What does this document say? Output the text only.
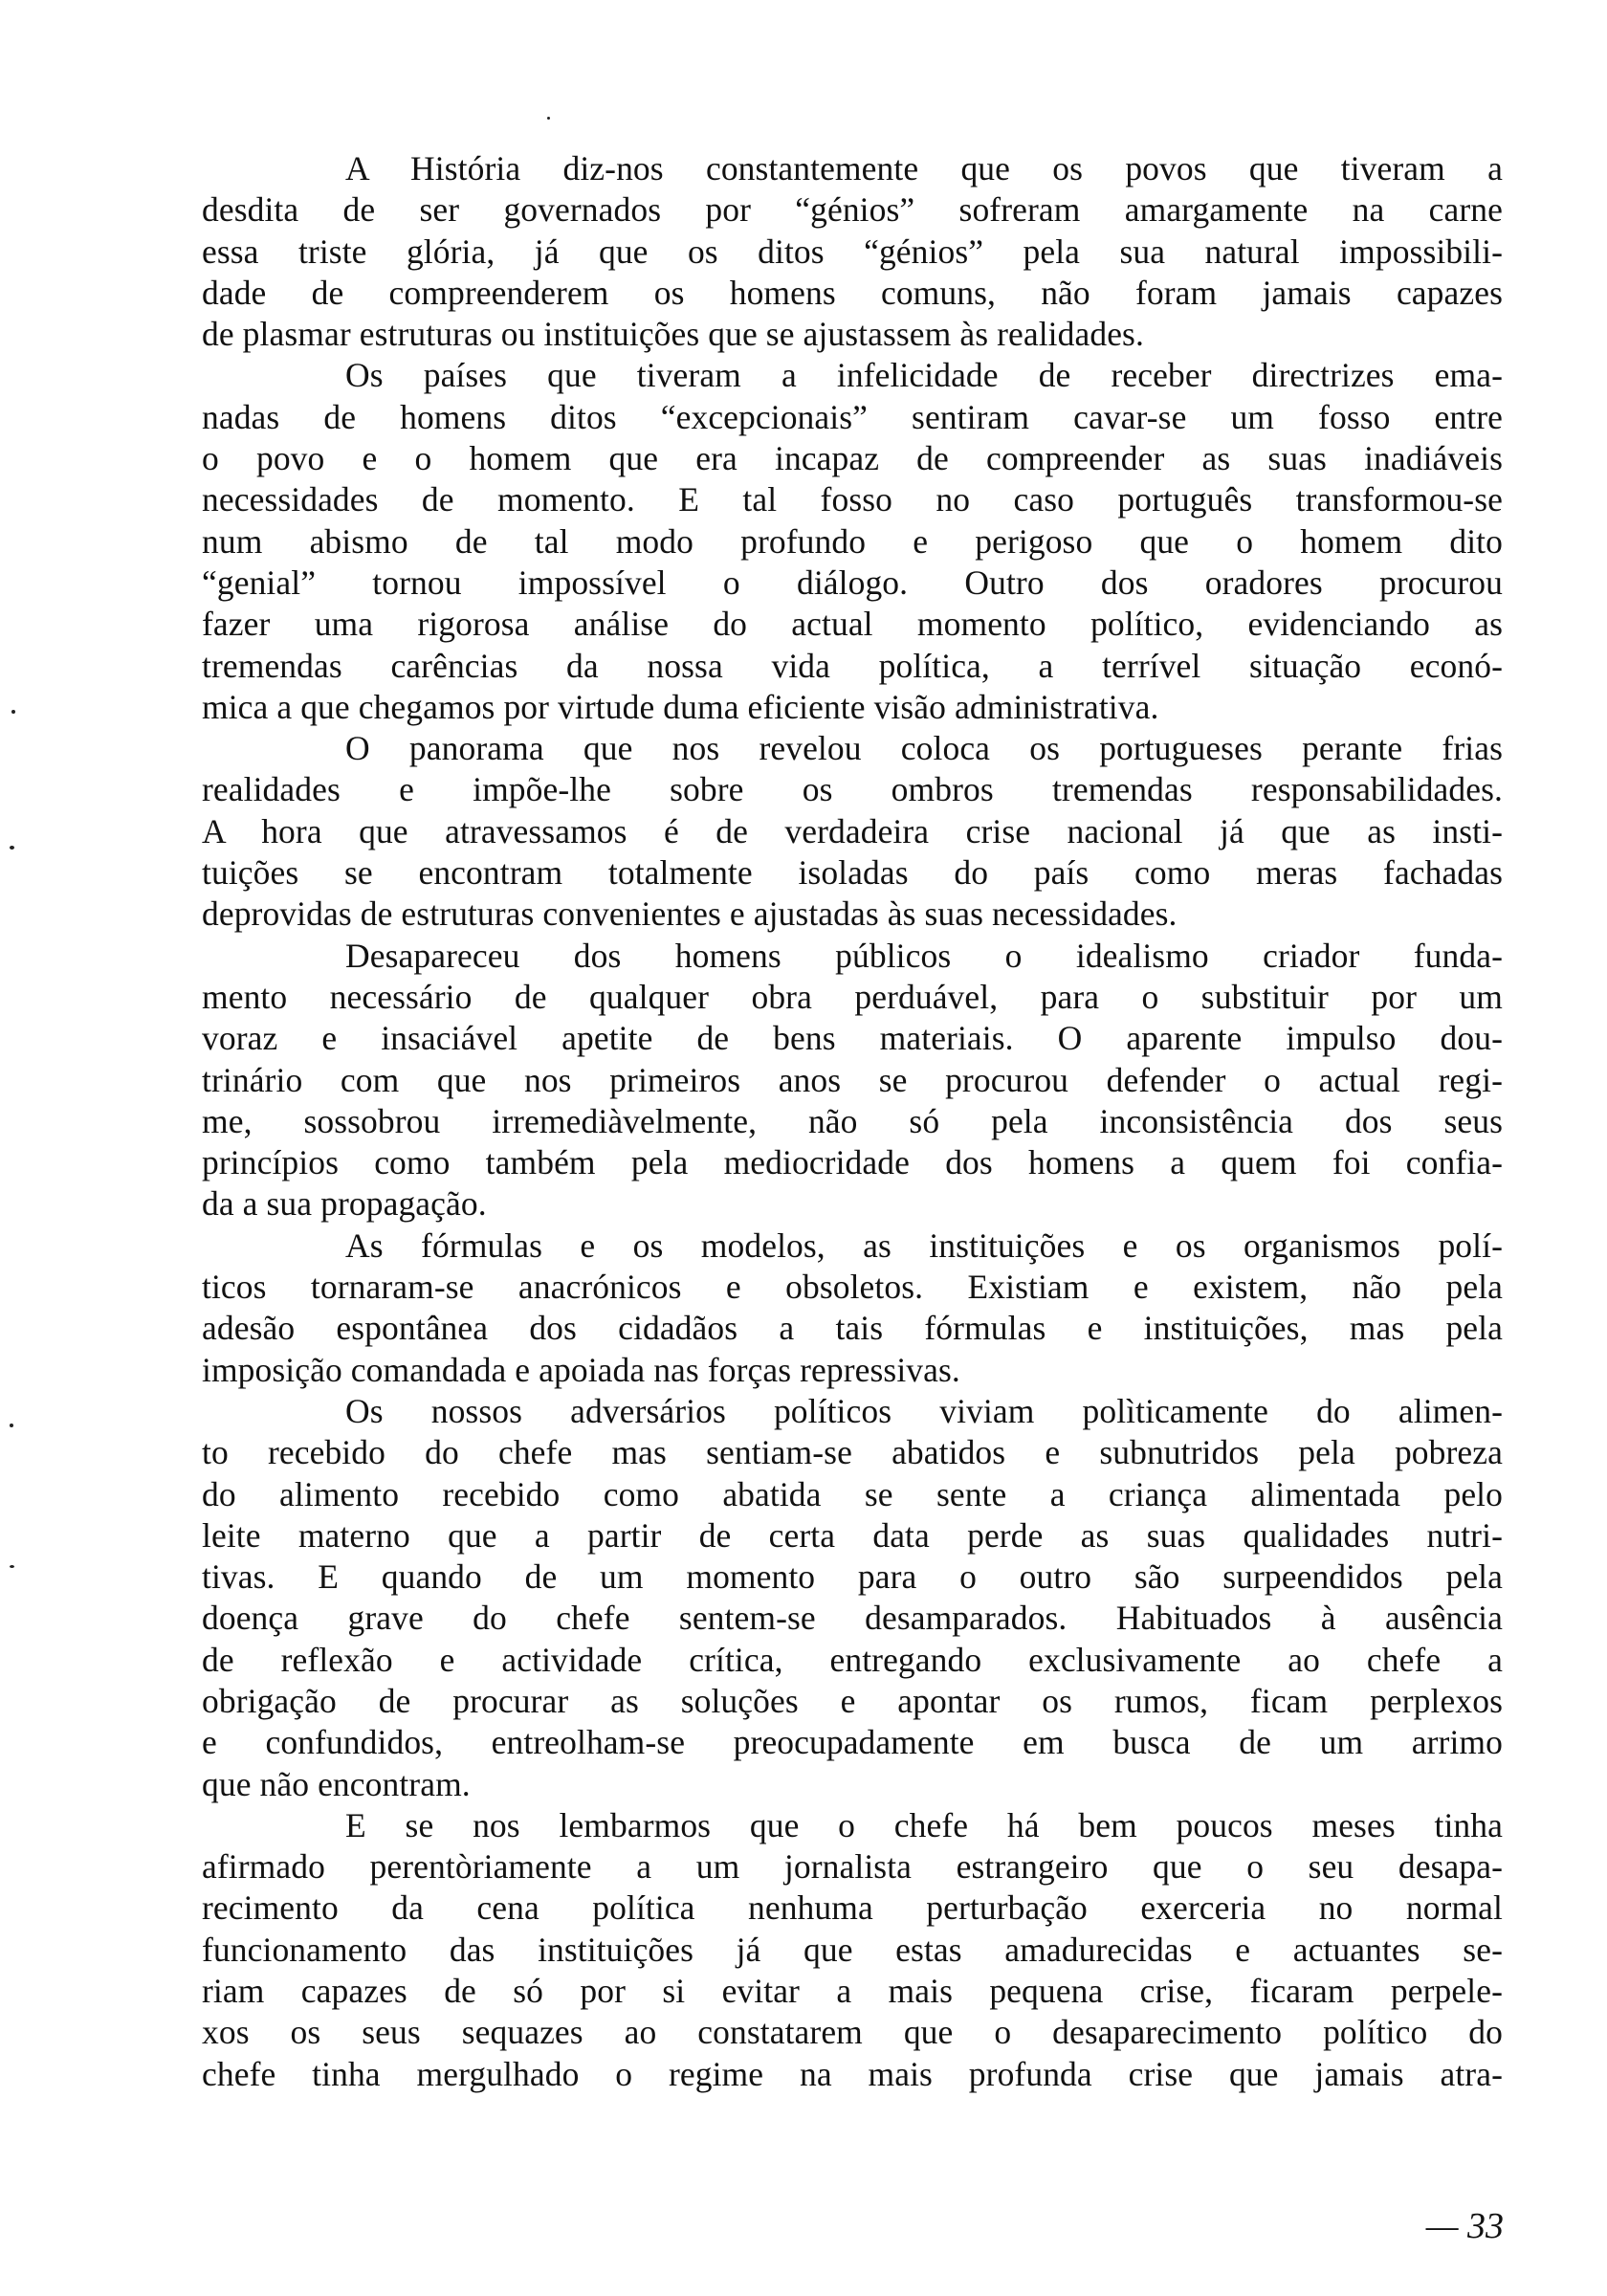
A História diz-nos constantemente que os povos que tiveram a
desdita de ser governados por “génios” sofreram amargamente na carne
essa triste glória, já que os ditos “génios” pela sua natural impossibili-
dade de compreenderem os homens comuns, não foram jamais capazes
de plasmar estruturas ou instituições que se ajustassem às realidades.
Os países que tiveram a infelicidade de receber directrizes ema-
nadas de homens ditos “excepcionais” sentiram cavar-se um fosso entre
o povo e o homem que era incapaz de compreender as suas inadiáveis
necessidades de momento. E tal fosso no caso português transformou-se
num abismo de tal modo profundo e perigoso que o homem dito
“genial” tornou impossível o diálogo. Outro dos oradores procurou
fazer uma rigorosa análise do actual momento político, evidenciando as
tremendas carências da nossa vida política, a terrível situação econó-
mica a que chegamos por virtude duma eficiente visão administrativa.
O panorama que nos revelou coloca os portugueses perante frias
realidades e impõe-lhe sobre os ombros tremendas responsabilidades.
A hora que atravessamos é de verdadeira crise nacional já que as insti-
tuições se encontram totalmente isoladas do país como meras fachadas
deprovidas de estruturas convenientes e ajustadas às suas necessidades.
Desapareceu dos homens públicos o idealismo criador funda-
mento necessário de qualquer obra perduável, para o substituir por um
voraz e insaciável apetite de bens materiais. O aparente impulso dou-
trinário com que nos primeiros anos se procurou defender o actual regi-
me, sossobrou irremediàvelmente, não só pela inconsistência dos seus
princípios como também pela mediocridade dos homens a quem foi confia-
da a sua propagação.
As fórmulas e os modelos, as instituições e os organismos polí-
ticos tornaram-se anacrónicos e obsoletos. Existiam e existem, não pela
adesão espontânea dos cidadãos a tais fórmulas e instituições, mas pela
imposição comandada e apoiada nas forças repressivas.
Os nossos adversários políticos viviam polìticamente do alimen-
to recebido do chefe mas sentiam-se abatidos e subnutridos pela pobreza
do alimento recebido como abatida se sente a criança alimentada pelo
leite materno que a partir de certa data perde as suas qualidades nutri-
tivas. E quando de um momento para o outro são surpeendidos pela
doença grave do chefe sentem-se desamparados. Habituados à ausência
de reflexão e actividade crítica, entregando exclusivamente ao chefe a
obrigação de procurar as soluções e apontar os rumos, ficam perplexos
e confundidos, entreolham-se preocupadamente em busca de um arrimo
que não encontram.
E se nos lembarmos que o chefe há bem poucos meses tinha
afirmado perentòriamente a um jornalista estrangeiro que o seu desapa-
recimento da cena política nenhuma perturbação exerceria no normal
funcionamento das instituições já que estas amadurecidas e actuantes se-
riam capazes de só por si evitar a mais pequena crise, ficaram perpele-
xos os seus sequazes ao constatarem que o desaparecimento político do
chefe tinha mergulhado o regime na mais profunda crise que jamais atra-
— 33
